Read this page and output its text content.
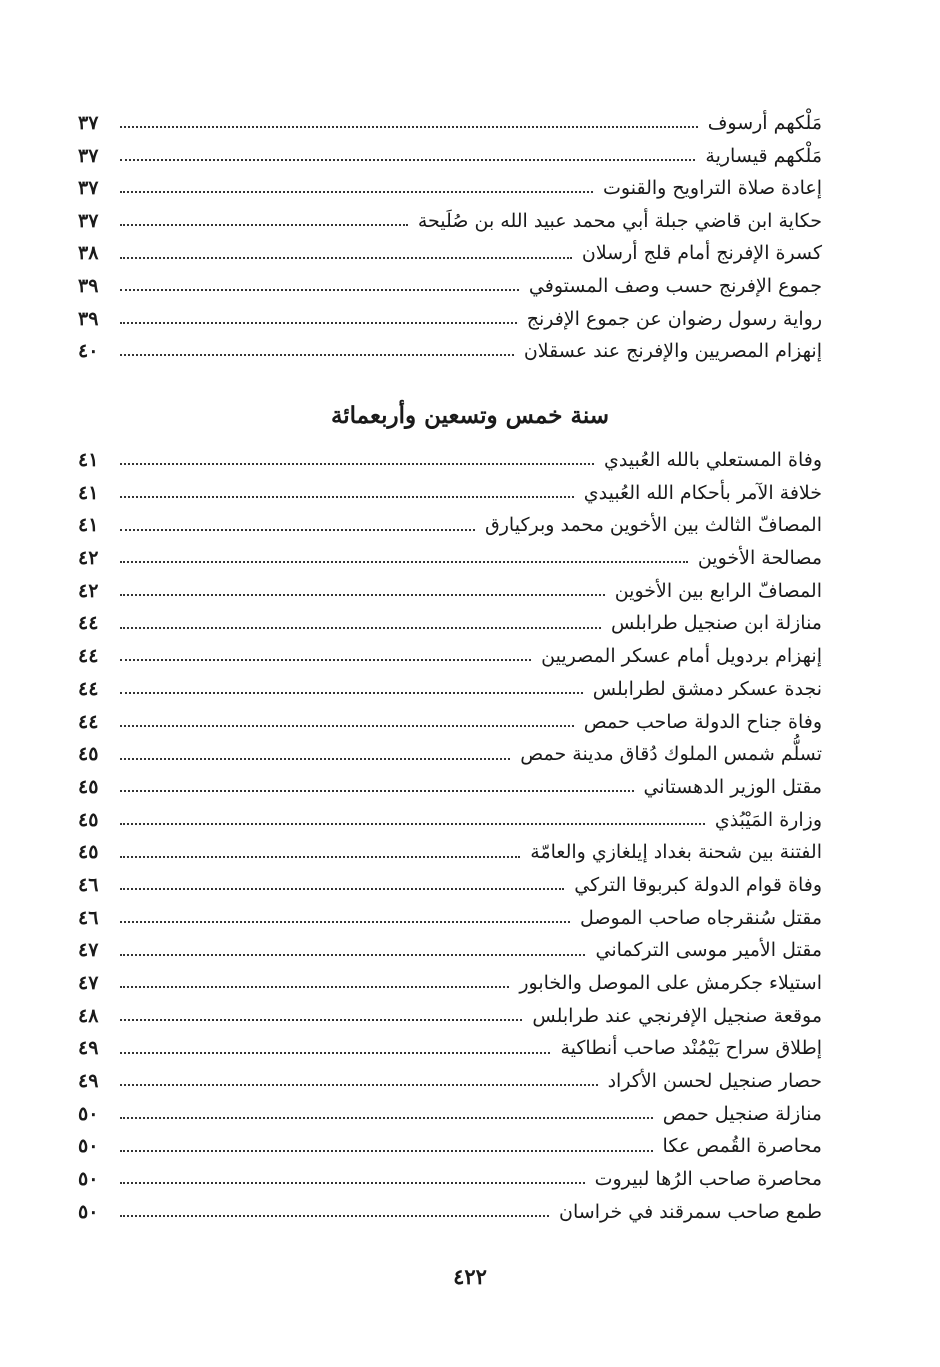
مَلْكهم أرسوف
٣٧
مَلْكهم قيسارية
٣٧
إعادة صلاة التراويح والقنوت
٣٧
حكاية ابن قاضي جبلة أبي محمد عبيد الله بن صُلَيحة
٣٧
كسرة الإفرنج أمام قلج أرسلان
٣٨
جموع الإفرنج حسب وصف المستوفي
٣٩
رواية رسول رضوان عن جموع الإفرنج
٣٩
إنهزام المصريين والإفرنج عند عسقلان
٤٠
سنة خمس وتسعين وأربعمائة
وفاة المستعلي بالله العُبيدي
٤١
خلافة الآمر بأحكام الله العُبيدي
٤١
المصافّ الثالث بين الأخوين محمد وبركيارق
٤١
مصالحة الأخوين
٤٢
المصافّ الرابع بين الأخوين
٤٢
منازلة ابن صنجيل طرابلس
٤٤
إنهزام بردويل أمام عسكر المصريين
٤٤
نجدة عسكر دمشق لطرابلس
٤٤
وفاة جناح الدولة صاحب حمص
٤٤
تسلُّم شمس الملوك دُقاق مدينة حمص
٤٥
مقتل الوزير الدهستاني
٤٥
وزارة المَيْبُذي
٤٥
الفتنة بين شحنة بغداد إيلغازي والعامّة
٤٥
وفاة قوام الدولة كبربوقا التركي
٤٦
مقتل سُنقرجاه صاحب الموصل
٤٦
مقتل الأمير موسى التركماني
٤٧
استيلاء جكرمش على الموصل والخابور
٤٧
موقعة صنجيل الإفرنجي عند طرابلس
٤٨
إطلاق سراح بَيْمُنْد صاحب أنطاكية
٤٩
حصار صنجيل لحسن الأكراد
٤٩
منازلة صنجيل حمص
٥٠
محاصرة القُمص عكا
٥٠
محاصرة صاحب الرُها لبيروت
٥٠
طمع صاحب سمرقند في خراسان
٥٠
٤٢٢
